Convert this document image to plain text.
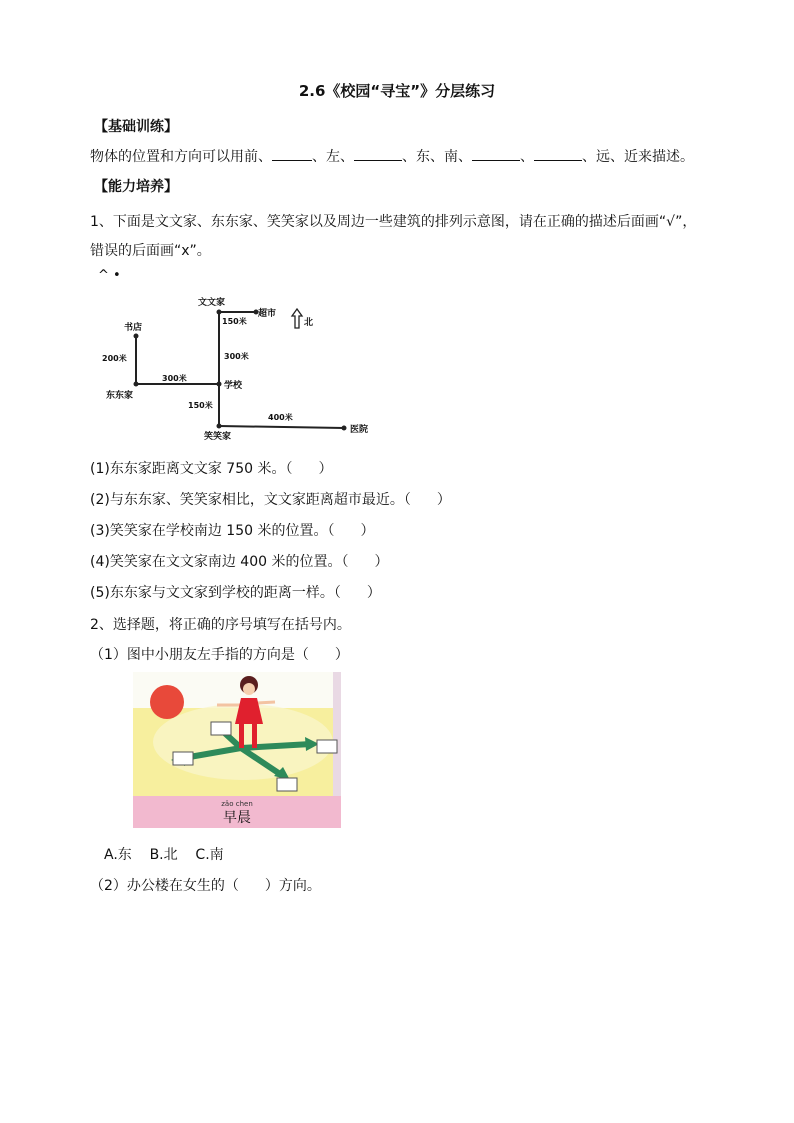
2.6《校园“寻宝”》分层练习
【基础训练】
物体的位置和方向可以用前、	、左、	、东、南、	、	、远、近来描述。
【能力培养】
1、下面是文文家、东东家、笑笑家以及周边一些建筑的排列示意图，请在正确的描述后面画“√”，
错误的后面画“x”。
^ •
文文家
超市
北
书店
150米
300米
200米
300米
东东家
学校
150米
400米
笑笑家
医院
(1)东东家距离文文家 750 米。（ ）
(2)与东东家、笑笑家相比，文文家距离超市最近。（ ）
(3)笑笑家在学校南边 150 米的位置。（ ）
(4)笑笑家在文文家南边 400 米的位置。（ ）
(5)东东家与文文家到学校的距离一样。（ ）
2、选择题，将正确的序号填写在括号内。
（1）图中小朋友左手指的方向是（ ）
zǎo chen
早晨
A.东    B.北    C.南
（2）办公楼在女生的（ ）方向。
